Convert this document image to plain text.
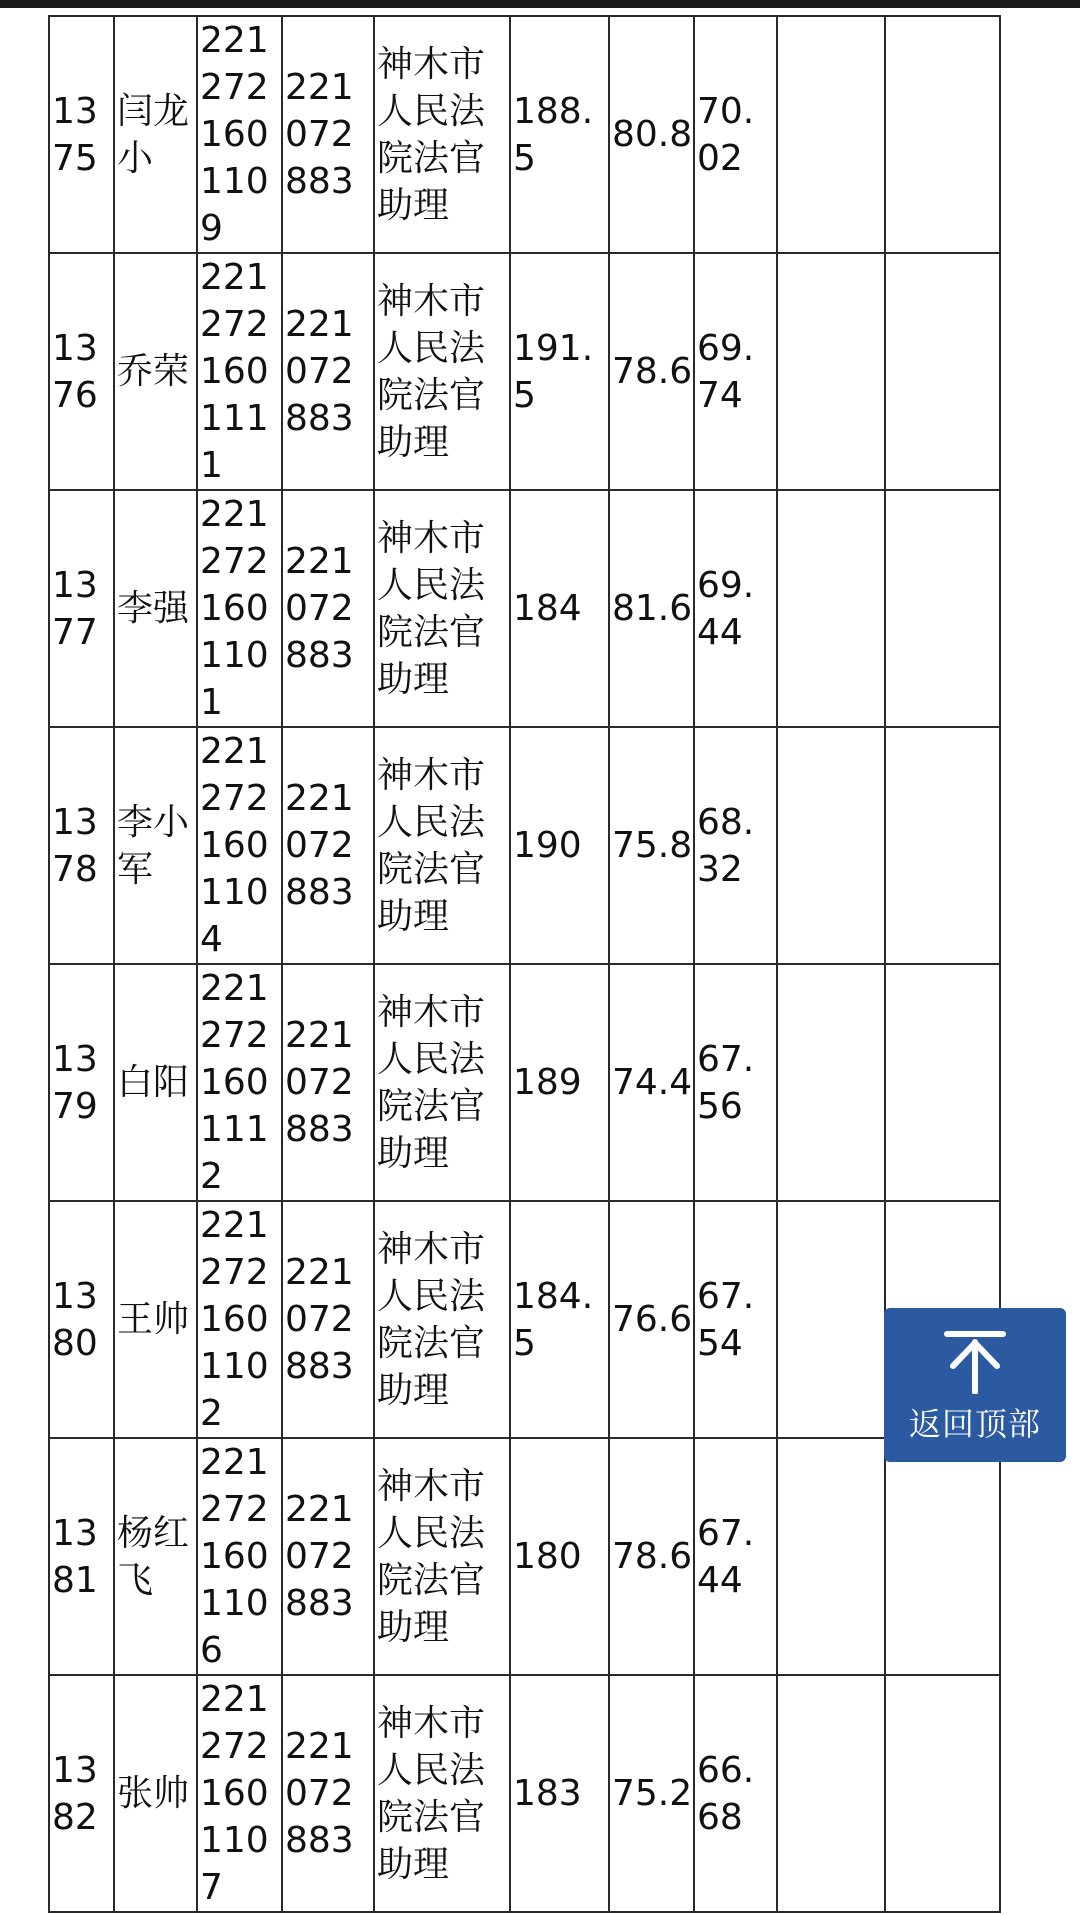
1375	闫龙小	2212721601109	221072883	神木市人民法院法官助理	188.5	80.8	70.02		

1376	乔荣	2212721601111	221072883	神木市人民法院法官助理	191.5	78.6	69.74		

1377	李强	2212721601101	221072883	神木市人民法院法官助理	184	81.6	69.44		

1378	李小军	2212721601104	221072883	神木市人民法院法官助理	190	75.8	68.32		

1379	白阳	2212721601112	221072883	神木市人民法院法官助理	189	74.4	67.56		

1380	王帅	2212721601102	221072883	神木市人民法院法官助理	184.5	76.6	67.54		

1381	杨红飞	2212721601106	221072883	神木市人民法院法官助理	180	78.6	67.44		

1382	张帅	2212721601107	221072883	神木市人民法院法官助理	183	75.2	66.68		

返回顶部
